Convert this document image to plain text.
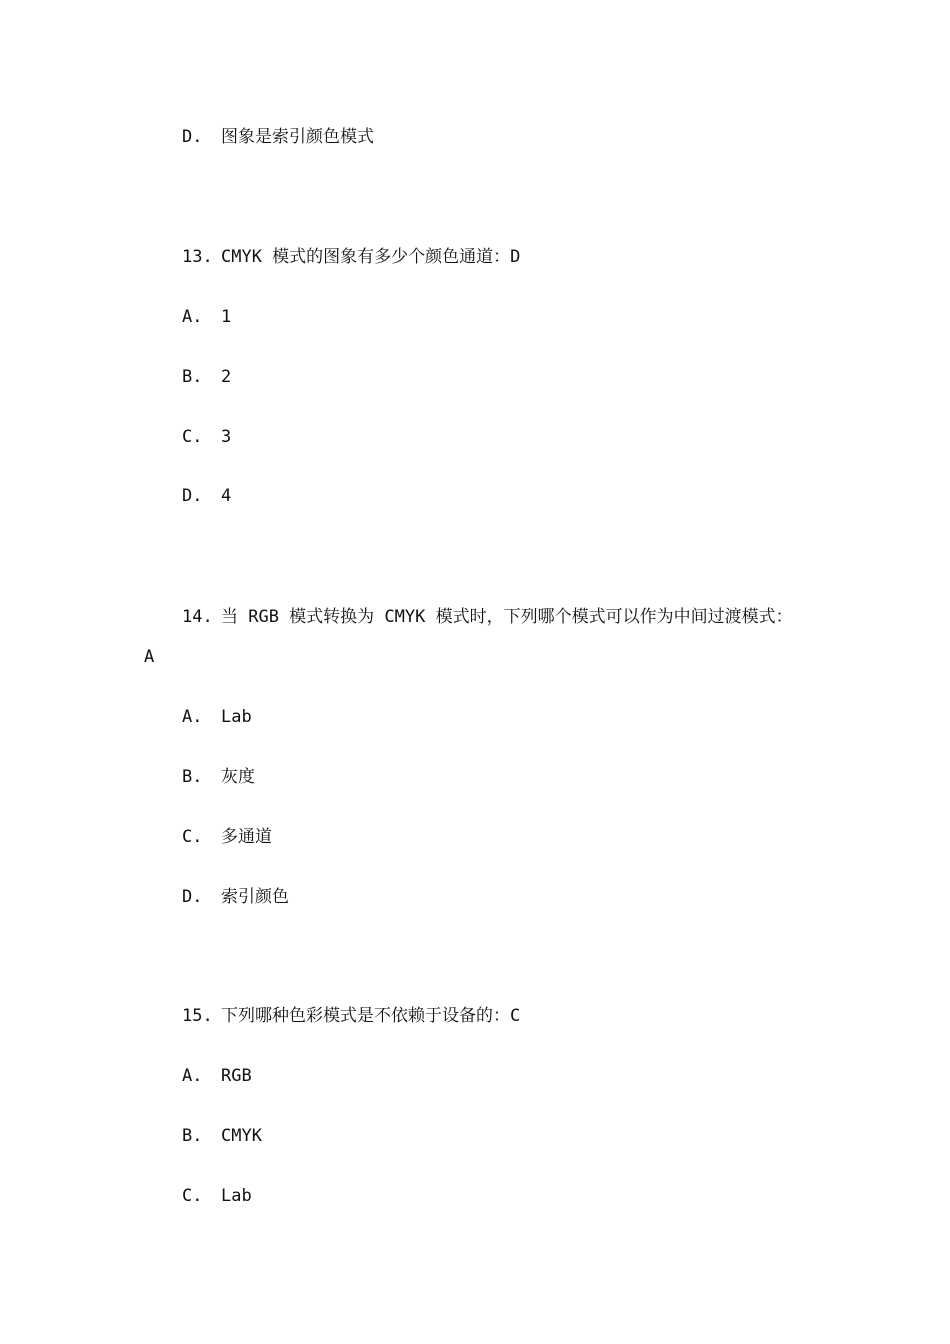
D. 图象是索引颜色模式
13. CMYK 模式的图象有多少个颜色通道：D
A. 1
B. 2
C. 3
D. 4
14. 当 RGB 模式转换为 CMYK 模式时，下列哪个模式可以作为中间过渡模式：
A
A. Lab
B. 灰度
C. 多通道
D. 索引颜色
15. 下列哪种色彩模式是不依赖于设备的：C
A. RGB
B. CMYK
C. Lab
